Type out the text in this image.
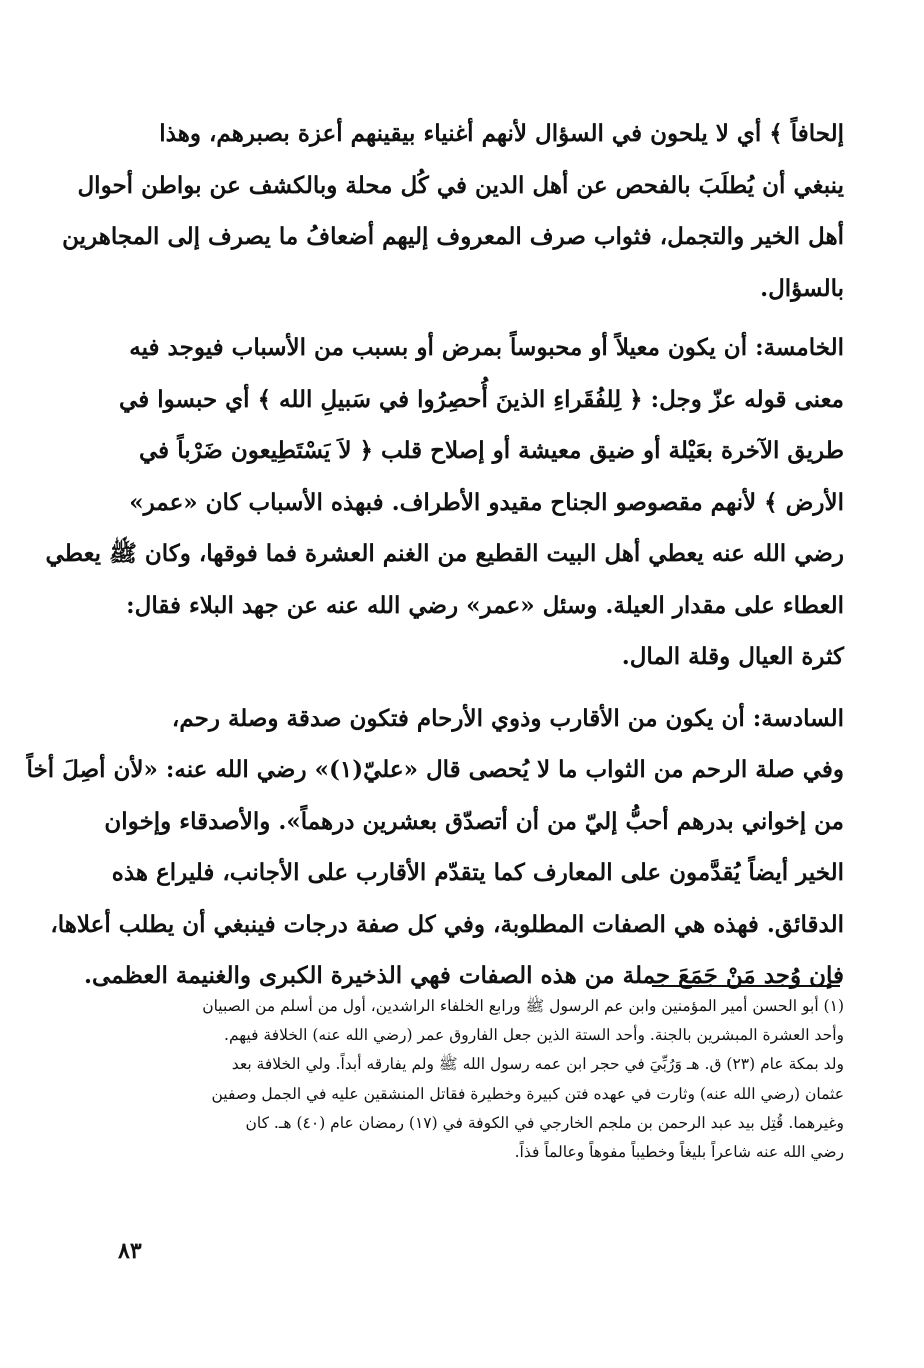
إلحافاً ﴾ أي لا يلحون في السؤال لأنهم أغنياء بيقينهم أعزة بصبرهم، وهذا
ينبغي أن يُطلَبَ بالفحص عن أهل الدين في كُل محلة وبالكشف عن بواطن أحوال
أهل الخير والتجمل، فثواب صرف المعروف إليهم أضعافُ ما يصرف إلى المجاهرين
بالسؤال.
الخامسة: أن يكون معيلاً أو محبوساً بمرض أو بسبب من الأسباب فيوجد فيه
معنى قوله عزّ وجل: ﴿ لِلفُقَراءِ الذينَ أُحصِرُوا في سَبيلِ الله ﴾ أي حبسوا في
طريق الآخرة بعَيْلة أو ضيق معيشة أو إصلاح قلب ﴿ لاَ يَسْتَطِيعون ضَرْباً في
الأرض ﴾ لأنهم مقصوصو الجناح مقيدو الأطراف. فبهذه الأسباب كان «عمر»
رضي الله عنه يعطي أهل البيت القطيع من الغنم العشرة فما فوقها، وكان ﷺ يعطي
العطاء على مقدار العيلة. وسئل «عمر» رضي الله عنه عن جهد البلاء فقال:
كثرة العيال وقلة المال.
السادسة: أن يكون من الأقارب وذوي الأرحام فتكون صدقة وصلة رحم،
وفي صلة الرحم من الثواب ما لا يُحصى قال «عليّ(١)» رضي الله عنه: «لأن أصِلَ أخاً
من إخواني بدرهم أحبُّ إليّ من أن أتصدّق بعشرين درهماً». والأصدقاء وإخوان
الخير أيضاً يُقدَّمون على المعارف كما يتقدّم الأقارب على الأجانب، فليراع هذه
الدقائق. فهذه هي الصفات المطلوبة، وفي كل صفة درجات فينبغي أن يطلب أعلاها،
فإن وُجد مَنْ جَمَعَ جملة من هذه الصفات فهي الذخيرة الكبرى والغنيمة العظمى.
(١) أبو الحسن أمير المؤمنين وابن عم الرسول ﷺ ورابع الخلفاء الراشدين، أول من أسلم من الصبيان
وأحد العشرة المبشرين بالجنة. وأحد الستة الذين جعل الفاروق عمر (رضي الله عنه) الخلافة فيهم.
ولد بمكة عام (٢٣) ق. هـ وَرُبِّيَ في حجر ابن عمه رسول الله ﷺ ولم يفارقه أبداً. ولي الخلافة بعد
عثمان (رضي الله عنه) وثارت في عهده فتن كبيرة وخطيرة فقاتل المنشقين عليه في الجمل وصفين
وغيرهما. قُتِل بيد عبد الرحمن بن ملجم الخارجي في الكوفة في (١٧) رمضان عام (٤٠) هـ. كان
رضي الله عنه شاعراً بليغاً وخطيباً مفوهاً وعالماً فذاً.
٨٣
